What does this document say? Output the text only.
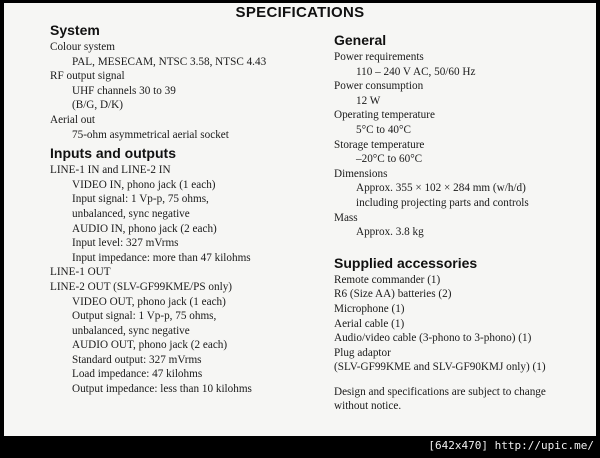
SPECIFICATIONS
System
Colour system
PAL, MESECAM, NTSC 3.58, NTSC 4.43
RF output signal
UHF channels 30 to 39
(B/G, D/K)
Aerial out
75-ohm asymmetrical aerial socket
Inputs and outputs
LINE-1 IN and LINE-2 IN
VIDEO IN, phono jack (1 each)
Input signal: 1 Vp-p, 75 ohms,
unbalanced, sync negative
AUDIO IN, phono jack (2 each)
Input level: 327 mVrms
Input impedance: more than 47 kilohms
LINE-1 OUT
LINE-2 OUT (SLV-GF99KME/PS only)
VIDEO OUT, phono jack (1 each)
Output signal: 1 Vp-p, 75 ohms,
unbalanced, sync negative
AUDIO OUT, phono jack (2 each)
Standard output: 327 mVrms
Load impedance: 47 kilohms
Output impedance: less than 10 kilohms
General
Power requirements
110 – 240 V AC, 50/60 Hz
Power consumption
12 W
Operating temperature
5°C to 40°C
Storage temperature
–20°C to 60°C
Dimensions
Approx. 355 × 102 × 284 mm (w/h/d)
including projecting parts and controls
Mass
Approx. 3.8 kg
Supplied accessories
Remote commander (1)
R6 (Size AA) batteries (2)
Microphone (1)
Aerial cable (1)
Audio/video cable (3-phono to 3-phono) (1)
Plug adaptor
(SLV-GF99KME and SLV-GF90KMJ only) (1)
Design and specifications are subject to change
without notice.
[642x470] http://upic.me/
